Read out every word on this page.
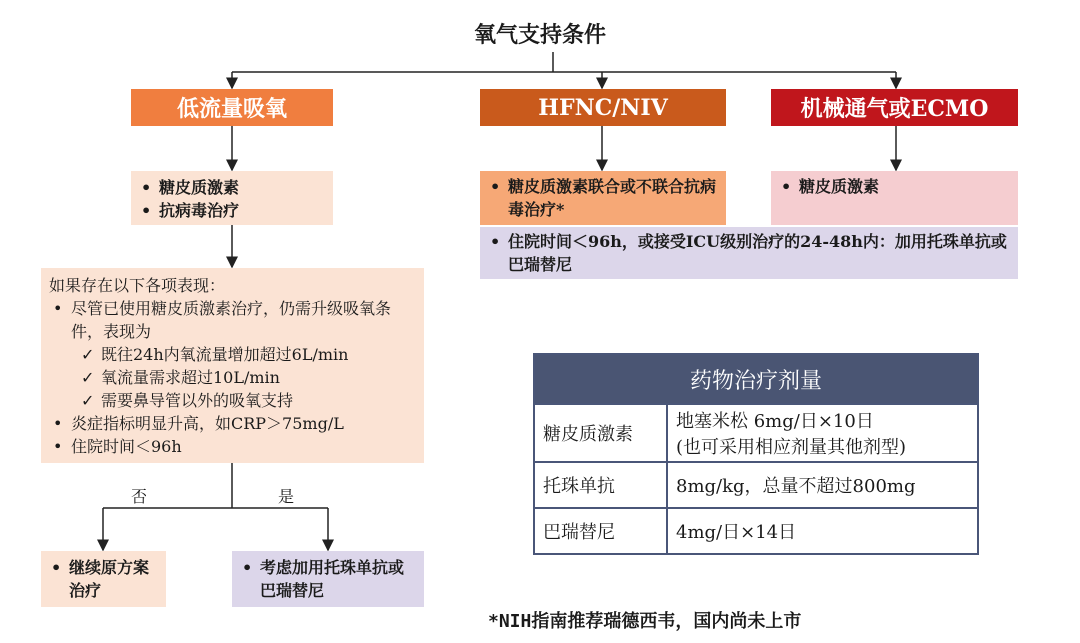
氧气支持条件
低流量吸氧	HFNC/NIV	机械通气或ECMO
• 糖皮质激素
• 抗病毒治疗
• 糖皮质激素联合或不联合抗病毒治疗*
• 糖皮质激素
• 住院时间＜96h，或接受ICU级别治疗的24-48h内：加用托珠单抗或巴瑞替尼
如果存在以下各项表现：
• 尽管已使用糖皮质激素治疗，仍需升级吸氧条件，表现为
✓ 既往24h内氧流量增加超过6L/min
✓ 氧流量需求超过10L/min
✓ 需要鼻导管以外的吸氧支持
• 炎症指标明显升高，如CRP＞75mg/L
• 住院时间＜96h
否	是
• 继续原方案治疗
• 考虑加用托珠单抗或巴瑞替尼
药物治疗剂量	
糖皮质激素	地塞米松 6mg/日×10日
(也可采用相应剂量其他剂型)

托珠单抗	8mg/kg，总量不超过800mg
巴瑞替尼	4mg/日×14日
*NIH指南推荐瑞德西韦，国内尚未上市
